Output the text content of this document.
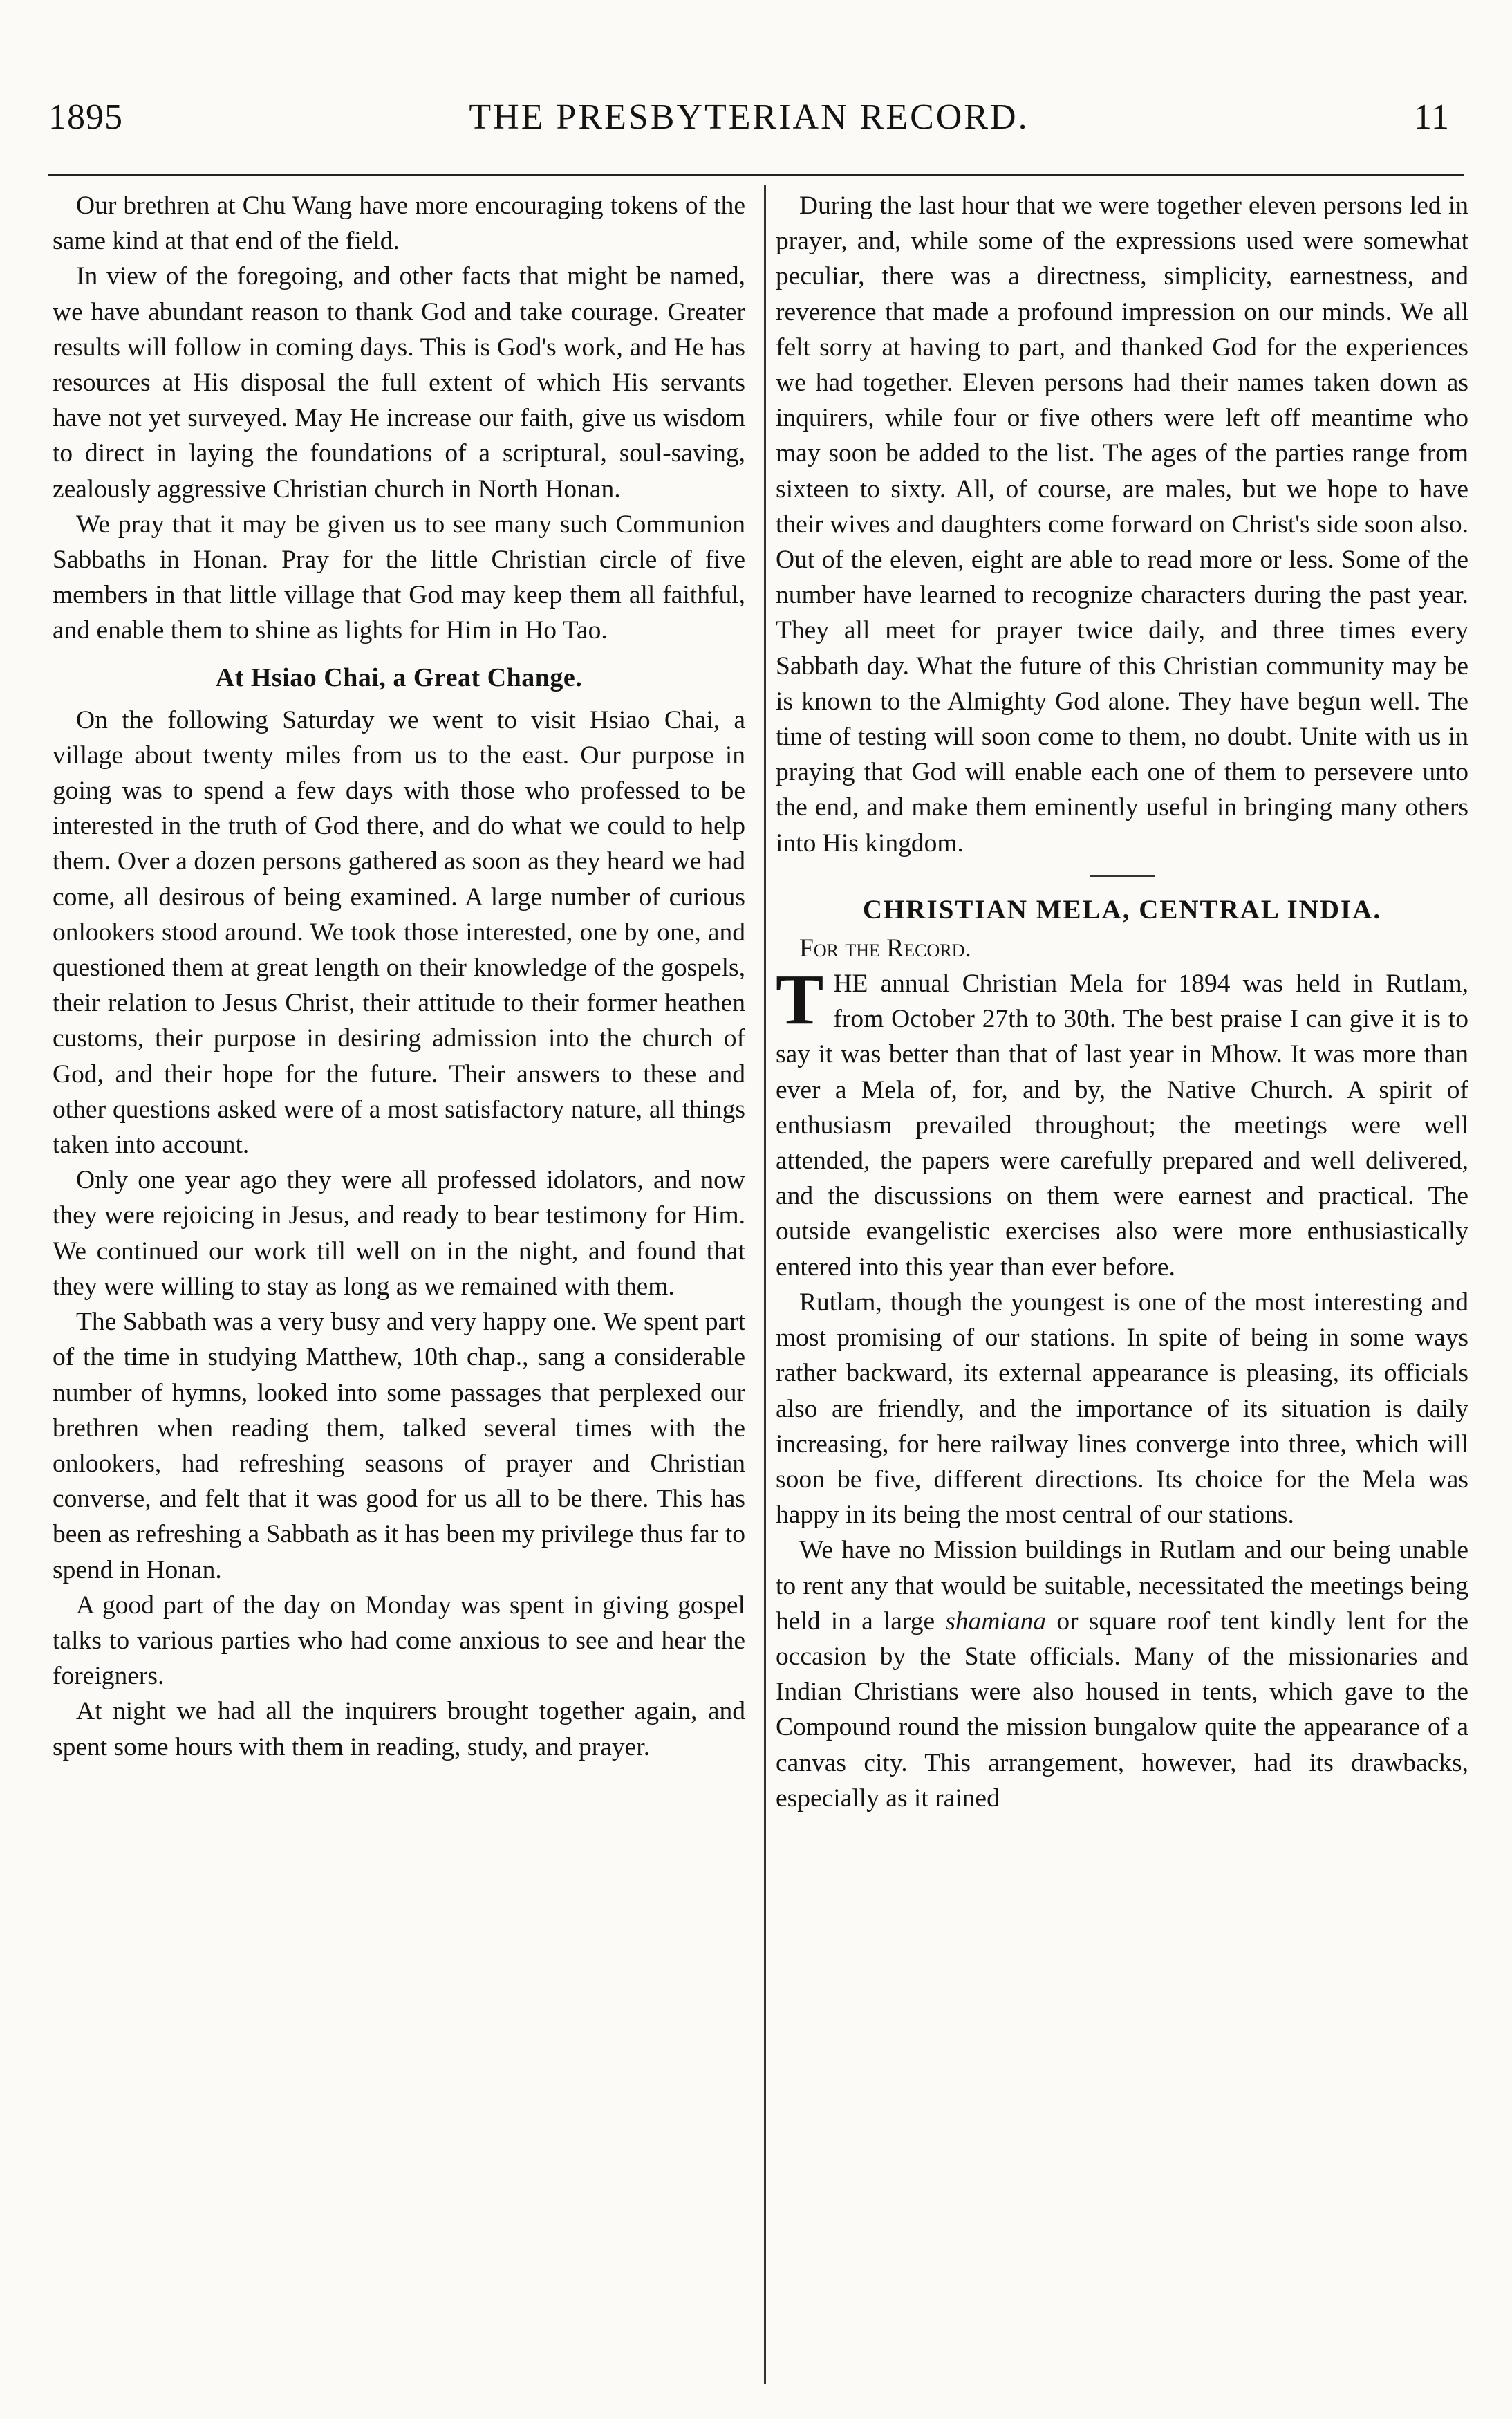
1895	THE PRESBYTERIAN RECORD.	11

Our brethren at Chu Wang have more encouraging tokens of the same kind at that end of the field.

In view of the foregoing, and other facts that might be named, we have abundant reason to thank God and take courage. Greater results will follow in coming days. This is God's work, and He has resources at His disposal the full extent of which His servants have not yet surveyed. May He increase our faith, give us wisdom to direct in laying the foundations of a scriptural, soul-saving, zealously aggressive Christian church in North Honan.

We pray that it may be given us to see many such Communion Sabbaths in Honan. Pray for the little Christian circle of five members in that little village that God may keep them all faithful, and enable them to shine as lights for Him in Ho Tao.

At Hsiao Chai, a Great Change.

On the following Saturday we went to visit Hsiao Chai, a village about twenty miles from us to the east. Our purpose in going was to spend a few days with those who professed to be interested in the truth of God there, and do what we could to help them. Over a dozen persons gathered as soon as they heard we had come, all desirous of being examined. A large number of curious onlookers stood around. We took those interested, one by one, and questioned them at great length on their knowledge of the gospels, their relation to Jesus Christ, their attitude to their former heathen customs, their purpose in desiring admission into the church of God, and their hope for the future. Their answers to these and other questions asked were of a most satisfactory nature, all things taken into account.

Only one year ago they were all professed idolators, and now they were rejoicing in Jesus, and ready to bear testimony for Him. We continued our work till well on in the night, and found that they were willing to stay as long as we remained with them.

The Sabbath was a very busy and very happy one. We spent part of the time in studying Matthew, 10th chap., sang a considerable number of hymns, looked into some passages that perplexed our brethren when reading them, talked several times with the onlookers, had refreshing seasons of prayer and Christian converse, and felt that it was good for us all to be there. This has been as refreshing a Sabbath as it has been my privilege thus far to spend in Honan.

A good part of the day on Monday was spent in giving gospel talks to various parties who had come anxious to see and hear the foreigners.

At night we had all the inquirers brought together again, and spent some hours with them in reading, study, and prayer.

During the last hour that we were together eleven persons led in prayer, and, while some of the expressions used were somewhat peculiar, there was a directness, simplicity, earnestness, and reverence that made a profound impression on our minds. We all felt sorry at having to part, and thanked God for the experiences we had together. Eleven persons had their names taken down as inquirers, while four or five others were left off meantime who may soon be added to the list. The ages of the parties range from sixteen to sixty. All, of course, are males, but we hope to have their wives and daughters come forward on Christ's side soon also. Out of the eleven, eight are able to read more or less. Some of the number have learned to recognize characters during the past year. They all meet for prayer twice daily, and three times every Sabbath day. What the future of this Christian community may be is known to the Almighty God alone. They have begun well. The time of testing will soon come to them, no doubt. Unite with us in praying that God will enable each one of them to persevere unto the end, and make them eminently useful in bringing many others into His kingdom.

CHRISTIAN MELA, CENTRAL INDIA.

For the Record.

THE annual Christian Mela for 1894 was held in Rutlam, from October 27th to 30th. The best praise I can give it is to say it was better than that of last year in Mhow. It was more than ever a Mela of, for, and by, the Native Church. A spirit of enthusiasm prevailed throughout; the meetings were well attended, the papers were carefully prepared and well delivered, and the discussions on them were earnest and practical. The outside evangelistic exercises also were more enthusiastically entered into this year than ever before.

Rutlam, though the youngest is one of the most interesting and most promising of our stations. In spite of being in some ways rather backward, its external appearance is pleasing, its officials also are friendly, and the importance of its situation is daily increasing, for here railway lines converge into three, which will soon be five, different directions. Its choice for the Mela was happy in its being the most central of our stations.

We have no Mission buildings in Rutlam and our being unable to rent any that would be suitable, necessitated the meetings being held in a large shamiana or square roof tent kindly lent for the occasion by the State officials. Many of the missionaries and Indian Christians were also housed in tents, which gave to the Compound round the mission bungalow quite the appearance of a canvas city. This arrangement, however, had its drawbacks, especially as it rained
